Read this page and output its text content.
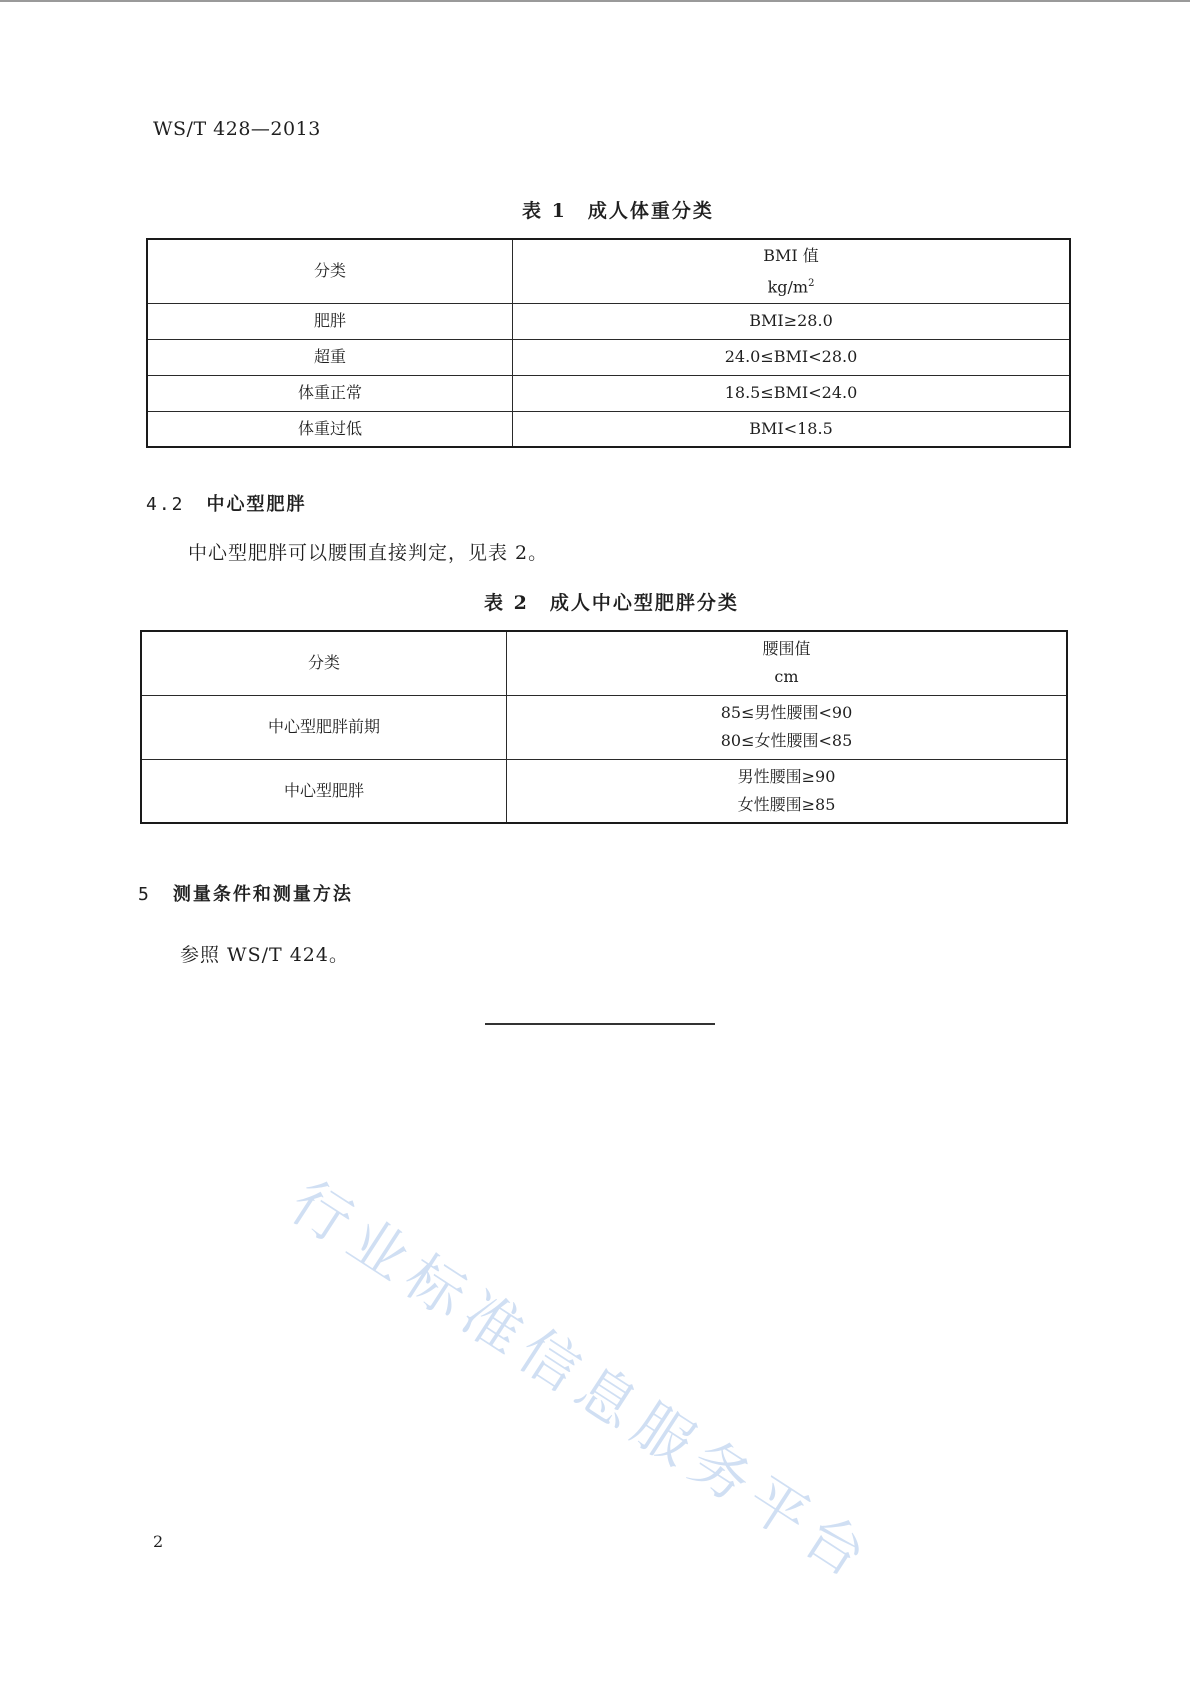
WS/T 428—2013
表 1　成人体重分类
分类	BMI 值
$kg/m^2$

肥胖	BMI≥28.0
超重	24.0≤BMI<28.0
体重正常	18.5≤BMI<24.0
体重过低	BMI<18.5
4.2 中心型肥胖
中心型肥胖可以腰围直接判定，见表 2。
表 2　成人中心型肥胖分类
分类	腰围值
cm

中心型肥胖前期	85≤男性腰围<90
80≤女性腰围<85

中心型肥胖	男性腰围≥90
女性腰围≥85
5 测量条件和测量方法
参照 WS/T 424。
行业标准信息服务平台
2
